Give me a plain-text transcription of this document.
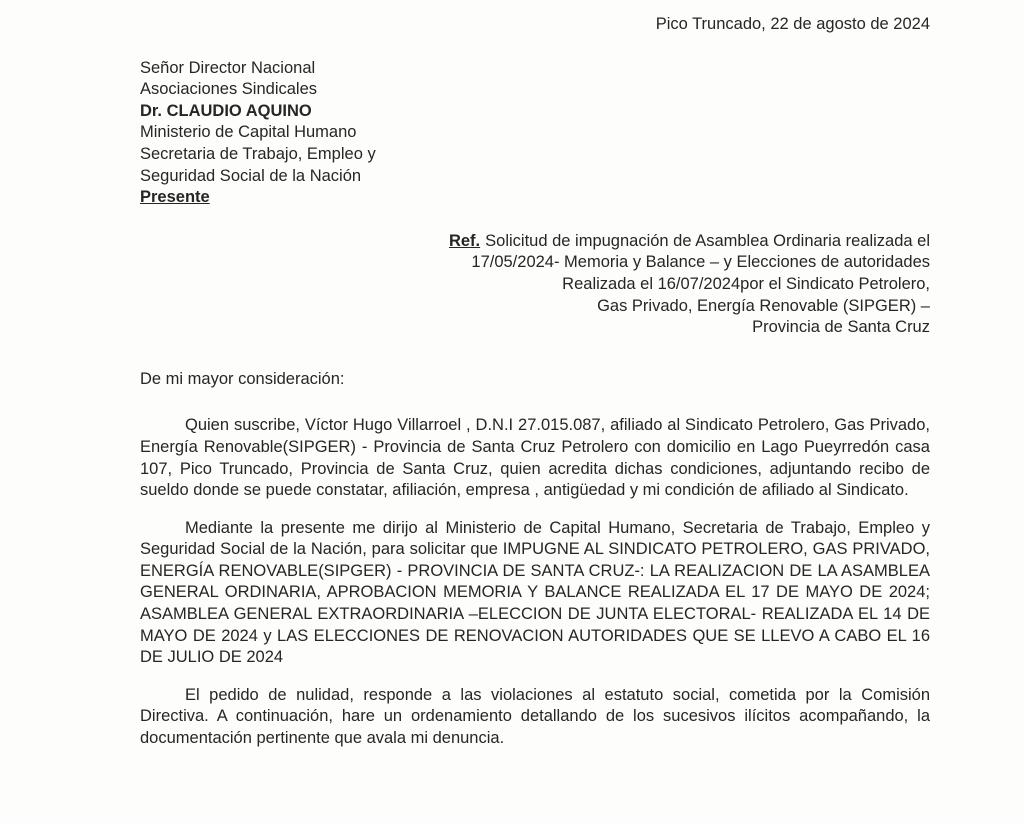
Pico Truncado, 22 de agosto de 2024
Señor Director Nacional
Asociaciones Sindicales
Dr. CLAUDIO AQUINO
Ministerio de Capital Humano
Secretaria de Trabajo, Empleo y
Seguridad Social de la Nación
Presente
Ref. Solicitud de impugnación de Asamblea Ordinaria realizada el
17/05/2024- Memoria y Balance – y Elecciones de autoridades
Realizada el 16/07/2024por el Sindicato Petrolero,
Gas Privado, Energía Renovable (SIPGER) –
Provincia de Santa Cruz

De mi mayor consideración:

Quien suscribe, Víctor Hugo Villarroel , D.N.I 27.015.087, afiliado al Sindicato Petrolero, Gas Privado, Energía Renovable(SIPGER) - Provincia de Santa Cruz Petrolero con domicilio en Lago Pueyrredón casa 107, Pico Truncado, Provincia de Santa Cruz, quien acredita dichas condiciones, adjuntando recibo de sueldo donde se puede constatar, afiliación, empresa , antigüedad y mi condición de afiliado al Sindicato.

Mediante la presente me dirijo al Ministerio de Capital Humano, Secretaria de Trabajo, Empleo y Seguridad Social de la Nación, para solicitar que IMPUGNE AL SINDICATO PETROLERO, GAS PRIVADO, ENERGÍA RENOVABLE(SIPGER) - PROVINCIA DE SANTA CRUZ-: LA REALIZACION DE LA ASAMBLEA GENERAL ORDINARIA, APROBACION MEMORIA Y BALANCE REALIZADA EL 17 DE MAYO DE 2024; ASAMBLEA GENERAL EXTRAORDINARIA –ELECCION DE JUNTA ELECTORAL- REALIZADA EL 14 DE MAYO DE 2024 y LAS ELECCIONES DE RENOVACION AUTORIDADES QUE SE LLEVO A CABO EL 16 DE JULIO DE 2024

El pedido de nulidad, responde a las violaciones al estatuto social, cometida por la Comisión Directiva. A continuación, hare un ordenamiento detallando de los sucesivos ilícitos acompañando, la documentación pertinente que avala mi denuncia.
